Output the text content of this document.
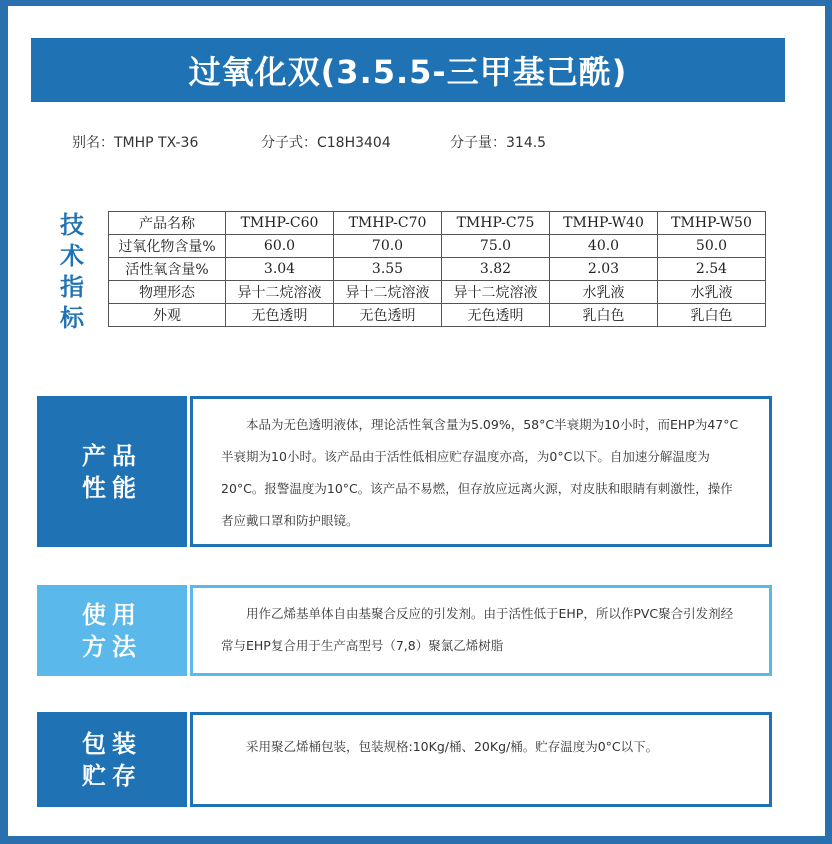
过氧化双(3.5.5-三甲基己酰)
别名：TMHP TX-36	分子式：C18H3404	分子量：314.5
技
术
指
标
产品名称	TMHP-C60	TMHP-C70	TMHP-C75	TMHP-W40	TMHP-W50
过氧化物含量%	60.0	70.0	75.0	40.0	50.0
活性氧含量%	3.04	3.55	3.82	2.03	2.54
物理形态	异十二烷溶液	异十二烷溶液	异十二烷溶液	水乳液	水乳液
外观	无色透明	无色透明	无色透明	乳白色	乳白色
产品
性能
本品为无色透明液体，理论活性氧含量为5.09%，58°C半衰期为10小时，而EHP为47°C半衰期为10小时。该产品由于活性低相应贮存温度亦高，为0°C以下。自加速分解温度为20°C。报警温度为10°C。该产品不易燃，但存放应远离火源，对皮肤和眼睛有刺激性，操作者应戴口罩和防护眼镜。
使用
方法
用作乙烯基单体自由基聚合反应的引发剂。由于活性低于EHP，所以作PVC聚合引发剂经常与EHP复合用于生产高型号（7,8）聚氯乙烯树脂
包装
贮存
采用聚乙烯桶包装，包装规格:10Kg/桶、20Kg/桶。贮存温度为0°C以下。
